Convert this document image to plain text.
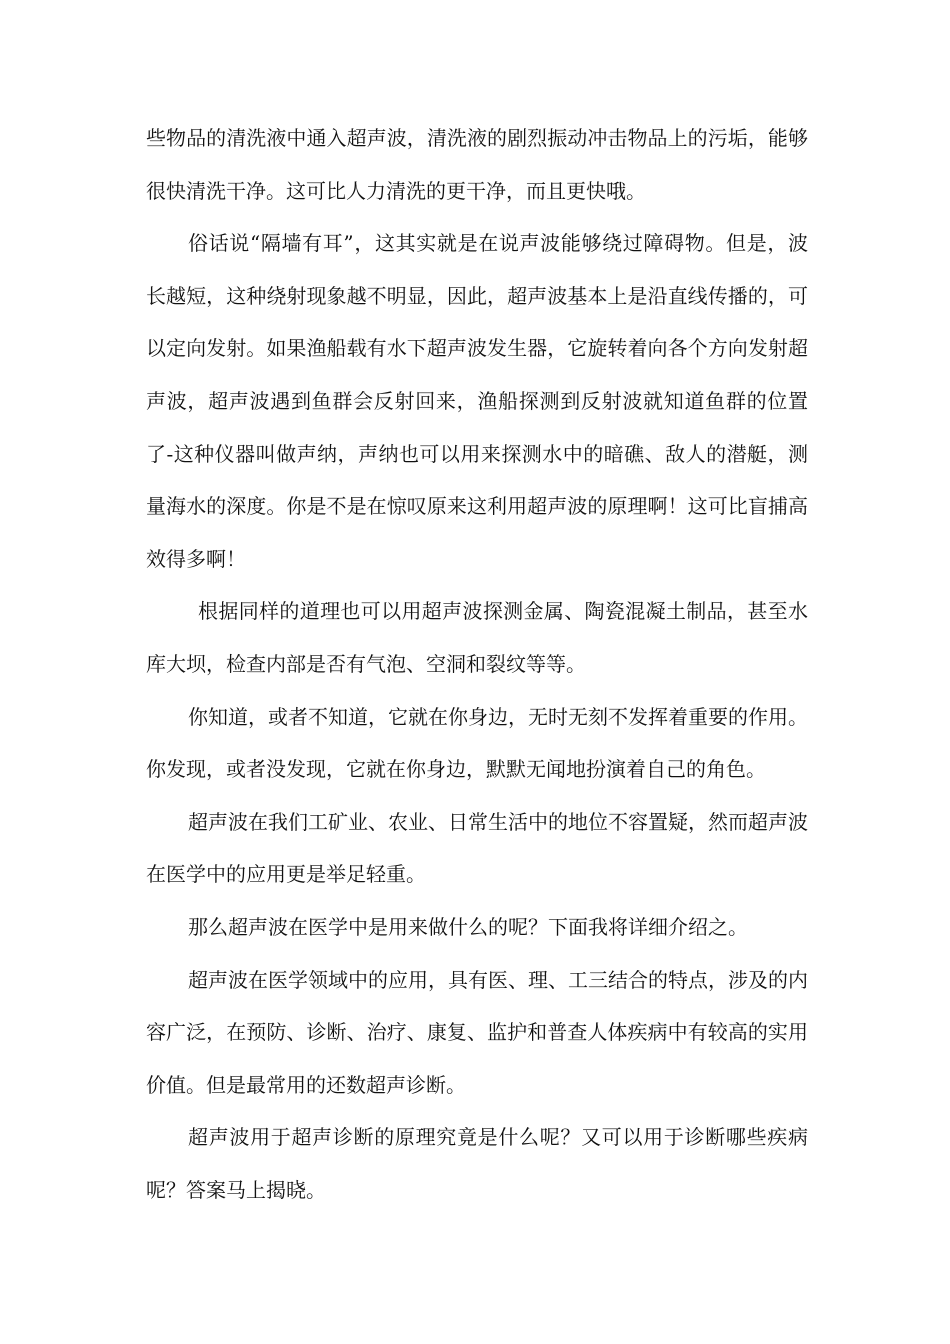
些物品的清洗液中通入超声波，清洗液的剧烈振动冲击物品上的污垢，能够很快清洗干净。这可比人力清洗的更干净，而且更快哦。

俗话说“隔墙有耳”，这其实就是在说声波能够绕过障碍物。但是，波长越短，这种绕射现象越不明显，因此，超声波基本上是沿直线传播的，可以定向发射。如果渔船载有水下超声波发生器，它旋转着向各个方向发射超声波，超声波遇到鱼群会反射回来，渔船探测到反射波就知道鱼群的位置了-这种仪器叫做声纳，声纳也可以用来探测水中的暗礁、敌人的潜艇，测量海水的深度。你是不是在惊叹原来这利用超声波的原理啊！这可比盲捕高效得多啊！

根据同样的道理也可以用超声波探测金属、陶瓷混凝土制品，甚至水库大坝，检查内部是否有气泡、空洞和裂纹等等。

你知道，或者不知道，它就在你身边，无时无刻不发挥着重要的作用。你发现，或者没发现，它就在你身边，默默无闻地扮演着自己的角色。

超声波在我们工矿业、农业、日常生活中的地位不容置疑，然而超声波在医学中的应用更是举足轻重。

那么超声波在医学中是用来做什么的呢？下面我将详细介绍之。

超声波在医学领域中的应用，具有医、理、工三结合的特点，涉及的内容广泛，在预防、诊断、治疗、康复、监护和普查人体疾病中有较高的实用价值。但是最常用的还数超声诊断。

超声波用于超声诊断的原理究竟是什么呢？又可以用于诊断哪些疾病呢？答案马上揭晓。
